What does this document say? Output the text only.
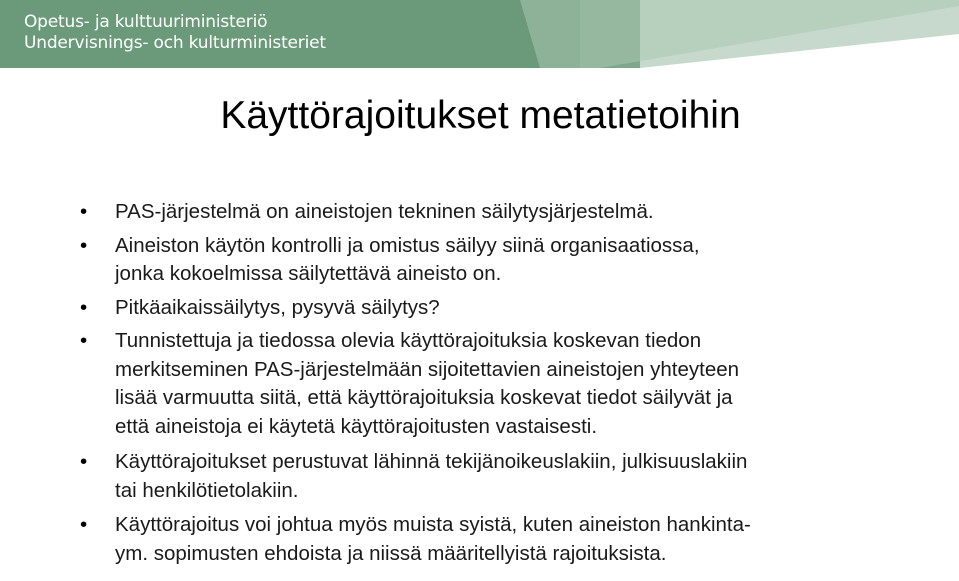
Opetus- ja kulttuuriministeriö
Undervisnings- och kulturministeriet
Käyttörajoitukset metatietoihin
• PAS-järjestelmä on aineistojen tekninen säilytysjärjestelmä.
• Aineiston käytön kontrolli ja omistus säilyy siinä organisaatiossa,
jonka kokoelmissa säilytettävä aineisto on.
• Pitkäaikaissäilytys, pysyvä säilytys?
• Tunnistettuja ja tiedossa olevia käyttörajoituksia koskevan tiedon
merkitseminen PAS-järjestelmään sijoitettavien aineistojen yhteyteen
lisää varmuutta siitä, että käyttörajoituksia koskevat tiedot säilyvät ja
että aineistoja ei käytetä käyttörajoitusten vastaisesti.
• Käyttörajoitukset perustuvat lähinnä tekijänoikeuslakiin, julkisuuslakiin
tai henkilötietolakiin.
• Käyttörajoitus voi johtua myös muista syistä, kuten aineiston hankinta-
ym. sopimusten ehdoista ja niissä määritellyistä rajoituksista.
